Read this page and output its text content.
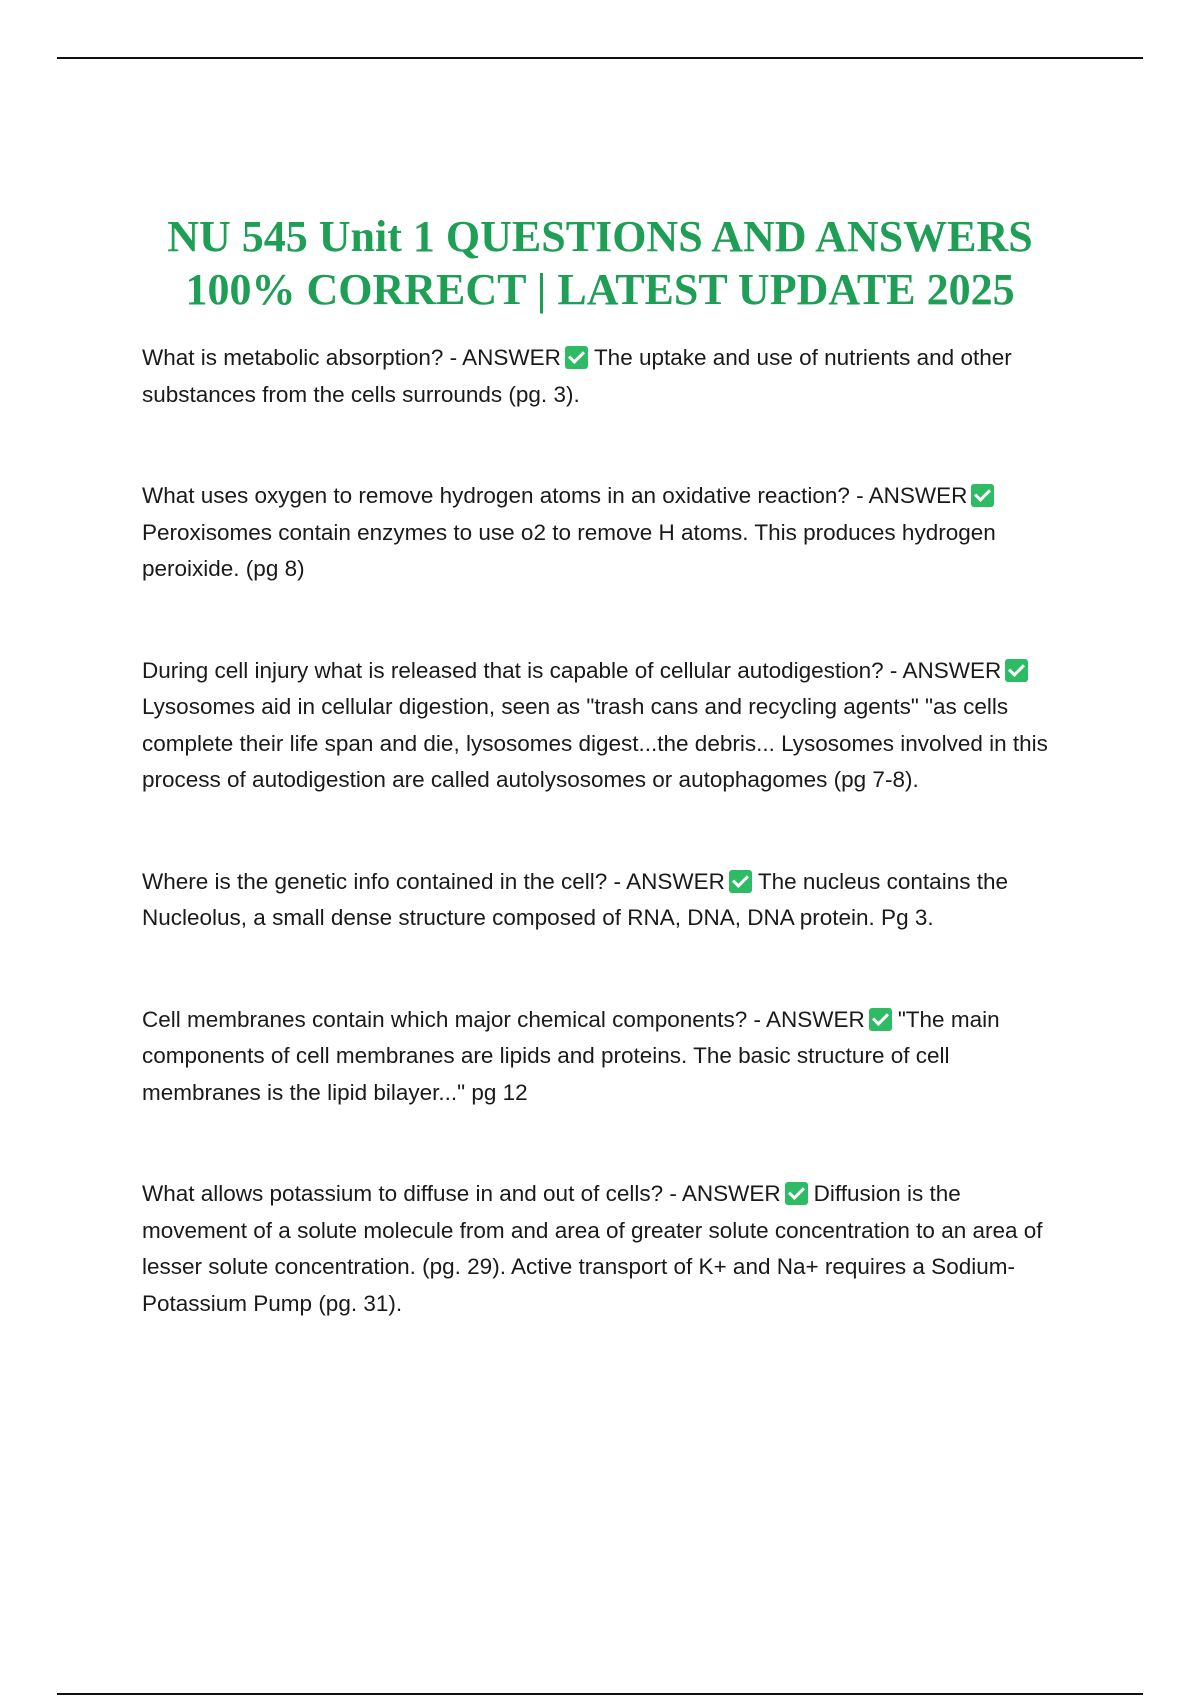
NU 545 Unit 1 QUESTIONS AND ANSWERS
100% CORRECT | LATEST UPDATE 2025

What is metabolic absorption? - ANSWER The uptake and use of nutrients and other substances from the cells surrounds (pg. 3).

What uses oxygen to remove hydrogen atoms in an oxidative reaction? - ANSWERPeroxisomes contain enzymes to use o2 to remove H atoms. This produces hydrogen peroixide. (pg 8)

During cell injury what is released that is capable of cellular autodigestion? - ANSWERLysosomes aid in cellular digestion, seen as "trash cans and recycling agents" "as cells complete their life span and die, lysosomes digest...the debris... Lysosomes involved in this process of autodigestion are called autolysosomes or autophagomes (pg 7-8).

Where is the genetic info contained in the cell? - ANSWER The nucleus contains the Nucleolus, a small dense structure composed of RNA, DNA, DNA protein. Pg 3.

Cell membranes contain which major chemical components? - ANSWER "The main components of cell membranes are lipids and proteins. The basic structure of cell membranes is the lipid bilayer..." pg 12

What allows potassium to diffuse in and out of cells? - ANSWER Diffusion is the movement of a solute molecule from and area of greater solute concentration to an area of lesser solute concentration. (pg. 29). Active transport of K+ and Na+ requires a Sodium-Potassium Pump (pg. 31).
